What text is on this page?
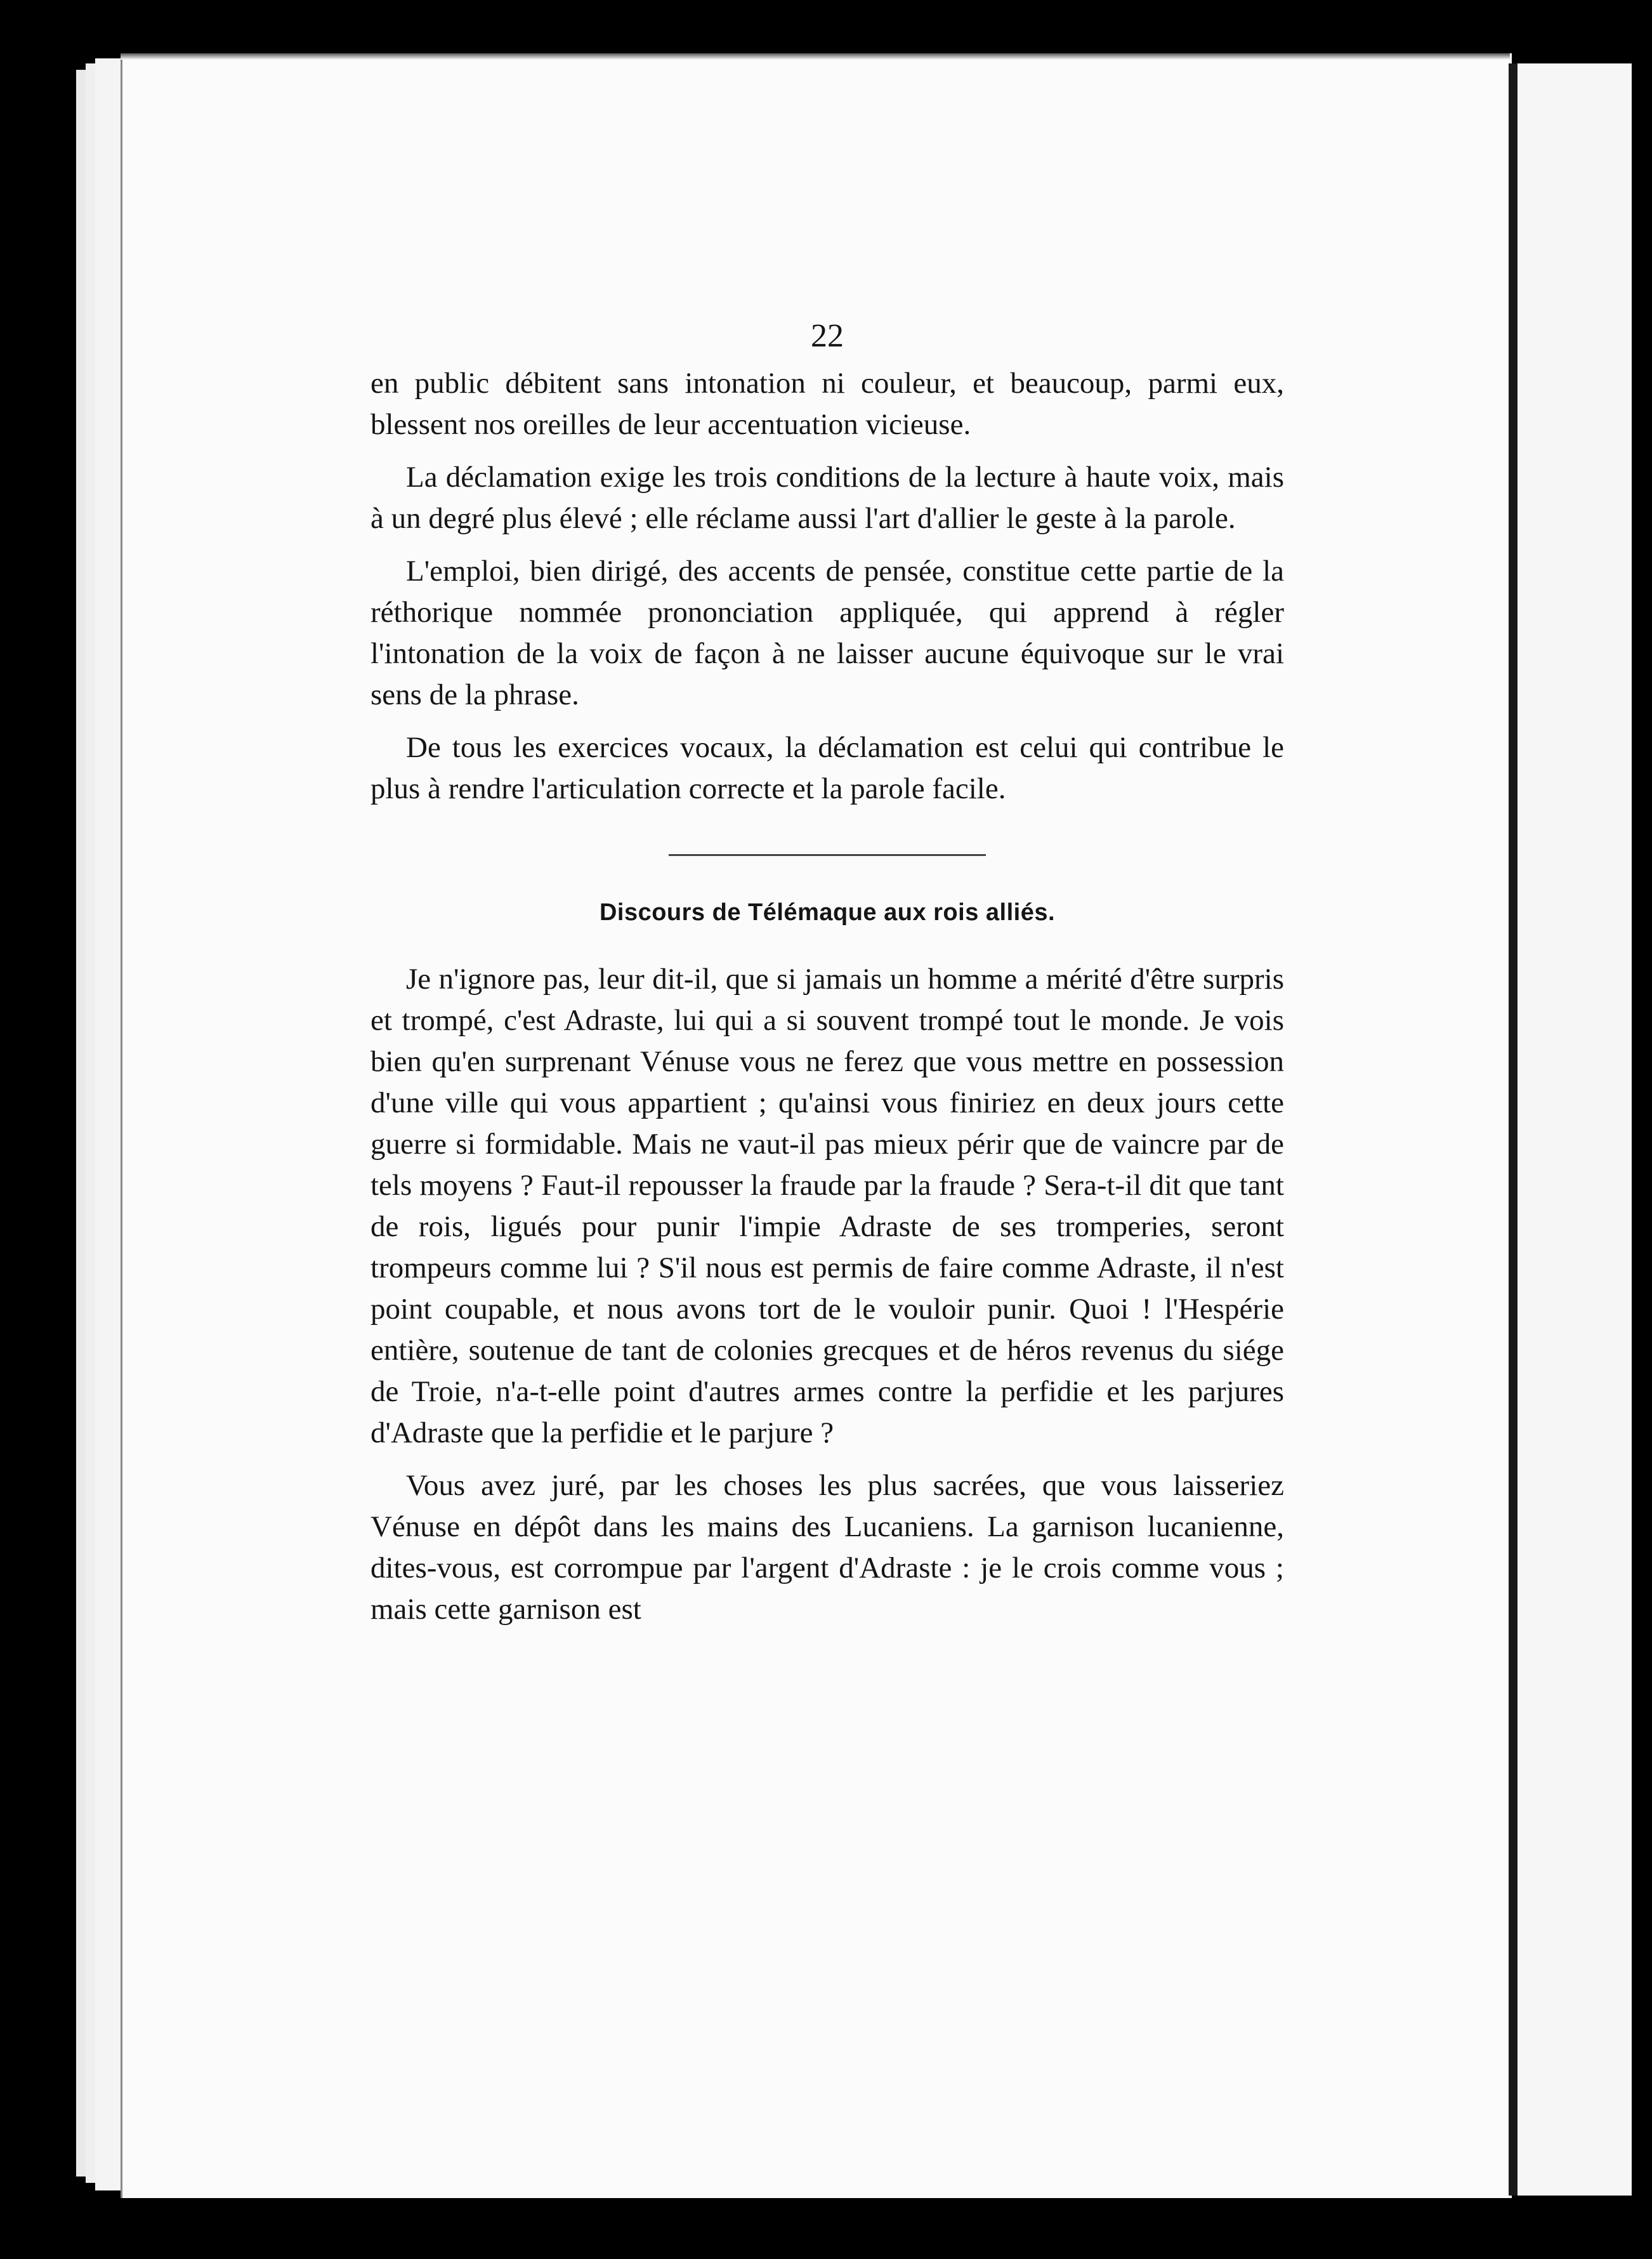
22

en public débitent sans intonation ni couleur, et beaucoup, parmi eux, blessent nos oreilles de leur accentuation vicieuse.

La déclamation exige les trois conditions de la lecture à haute voix, mais à un degré plus élevé ; elle réclame aussi l'art d'allier le geste à la parole.

L'emploi, bien dirigé, des accents de pensée, constitue cette partie de la réthorique nommée prononciation appliquée, qui apprend à régler l'intonation de la voix de façon à ne laisser aucune équivoque sur le vrai sens de la phrase.

De tous les exercices vocaux, la déclamation est celui qui contribue le plus à rendre l'articulation correcte et la parole facile.

Discours de Télémaque aux rois alliés.

Je n'ignore pas, leur dit-il, que si jamais un homme a mérité d'être surpris et trompé, c'est Adraste, lui qui a si souvent trompé tout le monde. Je vois bien qu'en surprenant Vénuse vous ne ferez que vous mettre en possession d'une ville qui vous appartient ; qu'ainsi vous finiriez en deux jours cette guerre si formidable. Mais ne vaut-il pas mieux périr que de vaincre par de tels moyens ? Faut-il repousser la fraude par la fraude ? Sera-t-il dit que tant de rois, ligués pour punir l'impie Adraste de ses tromperies, seront trompeurs comme lui ? S'il nous est permis de faire comme Adraste, il n'est point coupable, et nous avons tort de le vouloir punir. Quoi ! l'Hespérie entière, soutenue de tant de colonies grecques et de héros revenus du siége de Troie, n'a-t-elle point d'autres armes contre la perfidie et les parjures d'Adraste que la perfidie et le parjure ?

Vous avez juré, par les choses les plus sacrées, que vous laisseriez Vénuse en dépôt dans les mains des Lucaniens. La garnison lucanienne, dites-vous, est corrompue par l'argent d'Adraste : je le crois comme vous ; mais cette garnison est
